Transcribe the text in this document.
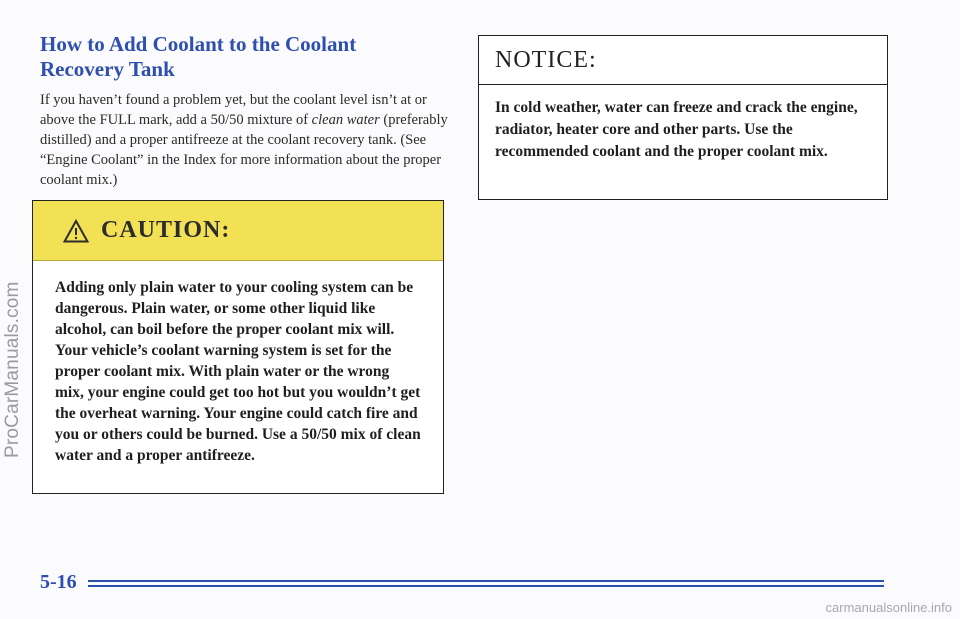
ProCarManuals.com
How to Add Coolant to the Coolant Recovery Tank

If you haven’t found a problem yet, but the coolant level isn’t at or above the FULL mark, add a 50/50 mixture of clean water (preferably distilled) and a proper antifreeze at the coolant recovery tank. (See “Engine Coolant” in the Index for more information about the proper coolant mix.)

CAUTION:

Adding only plain water to your cooling system can be dangerous. Plain water, or some other liquid like alcohol, can boil before the proper coolant mix will. Your vehicle’s coolant warning system is set for the proper coolant mix. With plain water or the wrong mix, your engine could get too hot but you wouldn’t get the overheat warning. Your engine could catch fire and you or others could be burned. Use a 50/50 mix of clean water and a proper antifreeze.

NOTICE:

In cold weather, water can freeze and crack the engine, radiator, heater core and other parts. Use the recommended coolant and the proper coolant mix.

5-16
carmanualsonline.info
